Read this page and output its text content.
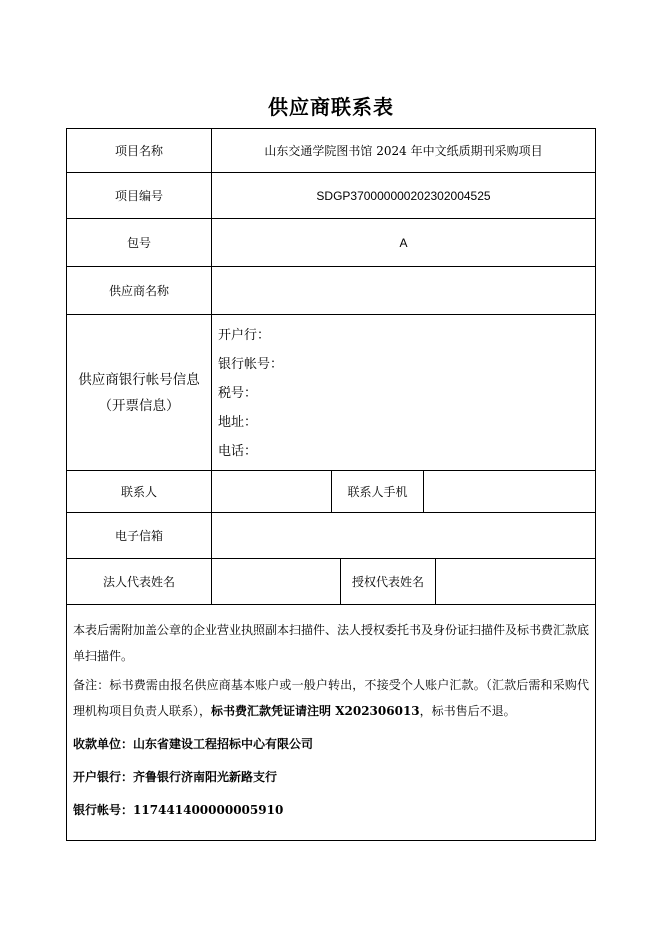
供应商联系表
项目名称	山东交通学院图书馆 2024 年中文纸质期刊采购项目
项目编号	SDGP370000000202302004525
包号	A
供应商名称
供应商银行帐号信息
（开票信息）
开户行：
银行帐号：
税号：
地址：
电话：
联系人	联系人手机
电子信箱
法人代表姓名	授权代表姓名

本表后需附加盖公章的企业营业执照副本扫描件、法人授权委托书及身份证扫描件及标书费汇款底单扫描件。

备注：标书费需由报名供应商基本账户或一般户转出，不接受个人账户汇款。（汇款后需和采购代理机构项目负责人联系），标书费汇款凭证请注明 X202306013，标书售后不退。

收款单位：山东省建设工程招标中心有限公司

开户银行：齐鲁银行济南阳光新路支行

银行帐号：117441400000005910
